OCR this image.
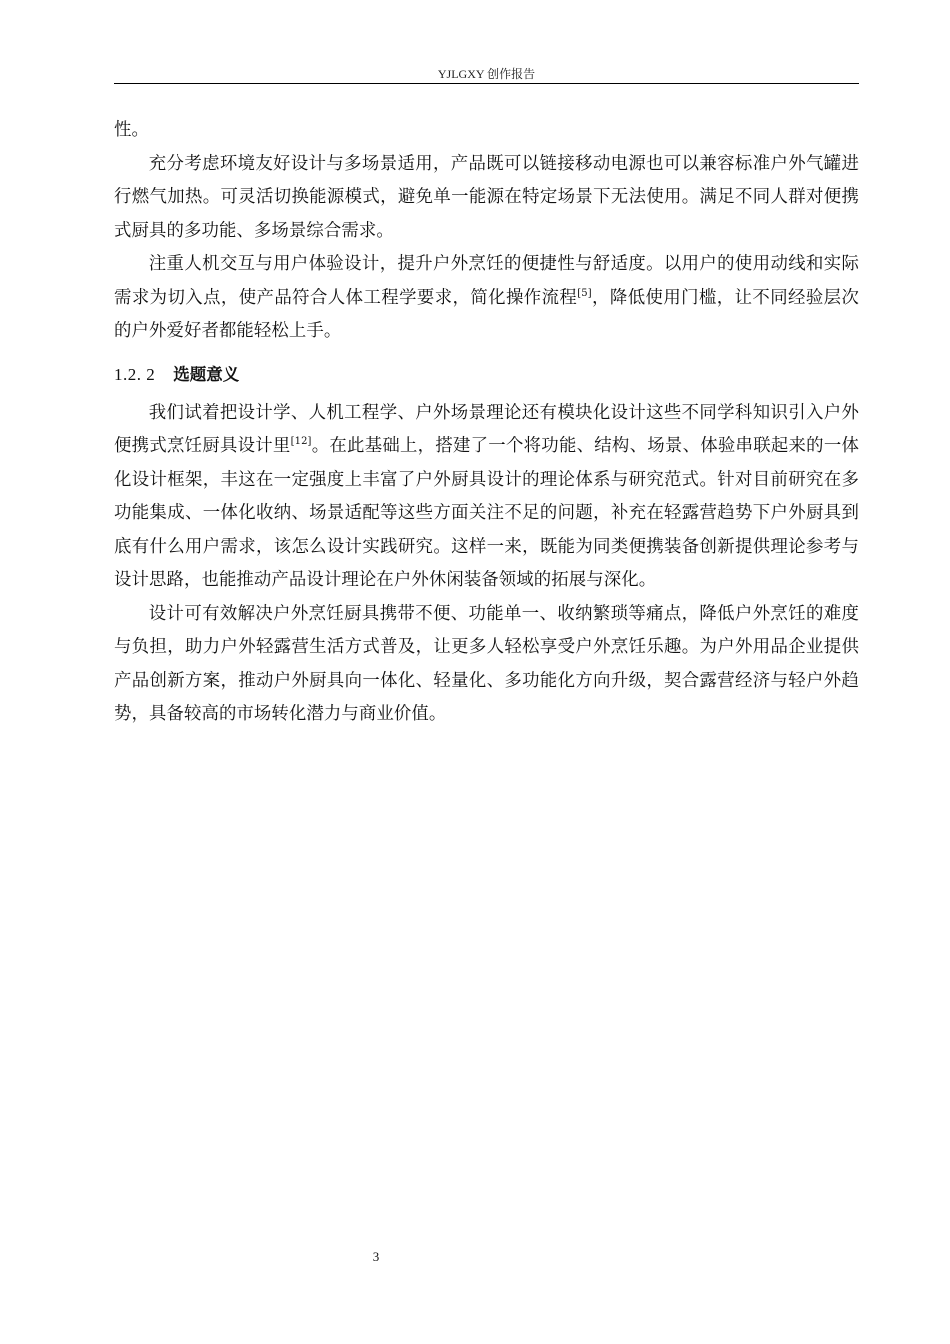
YJLGXY 创作报告

性。

充分考虑环境友好设计与多场景适用，产品既可以链接移动电源也可以兼容标准户外气罐进行燃气加热。可灵活切换能源模式，避免单一能源在特定场景下无法使用。满足不同人群对便携式厨具的多功能、多场景综合需求。

注重人机交互与用户体验设计，提升户外烹饪的便捷性与舒适度。以用户的使用动线和实际需求为切入点，使产品符合人体工程学要求，简化操作流程[5]，降低使用门槛，让不同经验层次的户外爱好者都能轻松上手。

1.2. 2 选题意义

我们试着把设计学、人机工程学、户外场景理论还有模块化设计这些不同学科知识引入户外便携式烹饪厨具设计里[12]。在此基础上，搭建了一个将功能、结构、场景、体验串联起来的一体化设计框架，丰这在一定强度上丰富了户外厨具设计的理论体系与研究范式。针对目前研究在多功能集成、一体化收纳、场景适配等这些方面关注不足的问题，补充在轻露营趋势下户外厨具到底有什么用户需求，该怎么设计实践研究。这样一来，既能为同类便携装备创新提供理论参考与设计思路，也能推动产品设计理论在户外休闲装备领域的拓展与深化。

设计可有效解决户外烹饪厨具携带不便、功能单一、收纳繁琐等痛点，降低户外烹饪的难度与负担，助力户外轻露营生活方式普及，让更多人轻松享受户外烹饪乐趣。为户外用品企业提供产品创新方案，推动户外厨具向一体化、轻量化、多功能化方向升级，契合露营经济与轻户外趋势，具备较高的市场转化潜力与商业价值。

3
